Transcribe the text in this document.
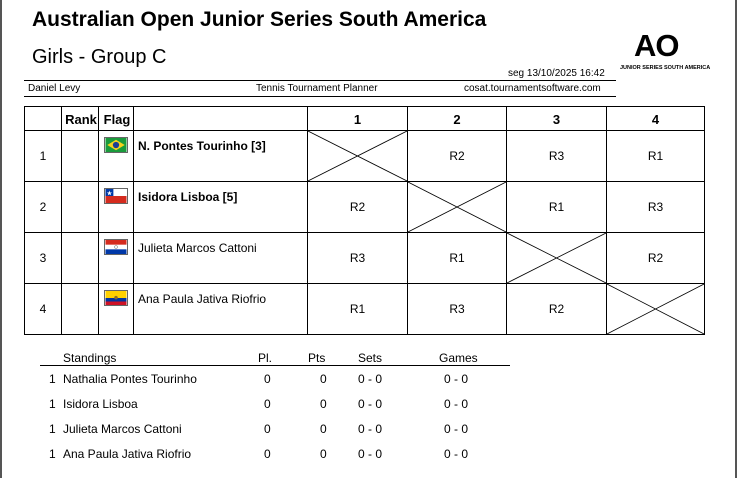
Australian Open Junior Series South America
Girls - Group C	AO
JUNIOR SERIES SOUTH AMERICA
seg 13/10/2025 16:42
Daniel Levy	Tennis Tournament Planner	cosat.tournamentsoftware.com
	Rank	Flag		1	2	3	4
1			N. Pontes Tourinho [3]		R2	R3	R1
2			Isidora Lisboa [5]	R2		R1	R3
3			Julieta Marcos Cattoni	R3	R1		R2
4			Ana Paula Jativa Riofrio	R1	R3	R2	
Standings	Pl.	Pts	Sets	Games
1 Nathalia Pontes Tourinho	0	0	0 - 0	0 - 0
1 Isidora Lisboa	0	0	0 - 0	0 - 0
1 Julieta Marcos Cattoni	0	0	0 - 0	0 - 0
1 Ana Paula Jativa Riofrio	0	0	0 - 0	0 - 0
